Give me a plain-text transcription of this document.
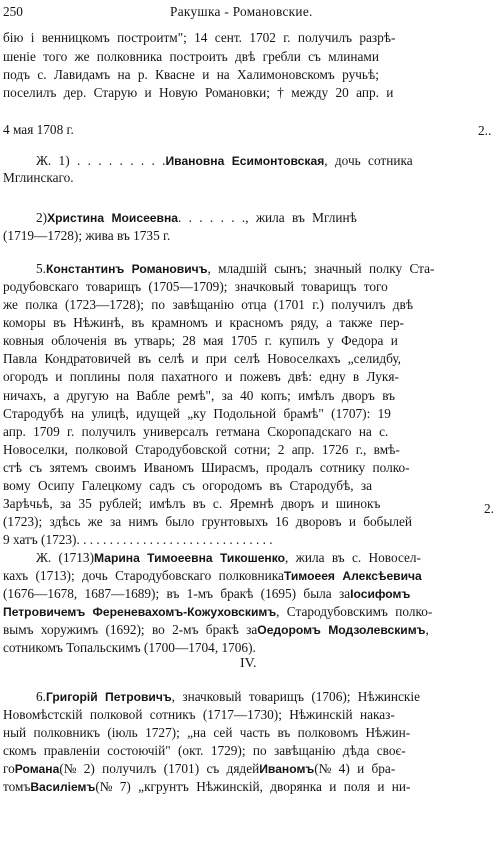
250	Ракушка - Романовские.
2..
2.
IV.
бію і венницкомъ построитм"; 14 сент. 1702 г. получилъ разрѣ-
шеніе того же полковника построить двѣ гребли съ млинами
подъ с. Лавидамъ на р. Квасне и на Халимоновскомъ ручьѣ;
поселилъ дер. Старую и Новую Романовки; † между 20 апр. и
4 мая 1708 г.
Ж. 1) . . . . . . . . .Ивановна Есимонтовская, дочь сотника
Мглинскаго.
2)Христина Моисеевна. . . . . . ., жила въ Мглинѣ
(1719—1728); жива въ 1735 г.
5.Константинъ Романовичъ, младшій сынъ; значный полку Ста-
родубовскаго товарищъ (1705—1709); значковый товарищъ того
же полка (1723—1728); по завѣщанію отца (1701 г.) получилъ двѣ
коморы въ Нѣжинѣ, въ крамномъ и красномъ ряду, а также пер-
ковныя облоченія въ утварь; 28 мая 1705 г. купилъ у Федора и
Павла Кондратовичей въ селѣ и при селѣ Новоселкахъ „селидбу,
огородъ и поплины поля пахатного и пожевъ двѣ: едну в Лукя-
ничахъ, а другую на Вабле ремѣ", за 40 копъ; имѣлъ дворъ въ
Стародубѣ на улицѣ, идущей „ку Подольной брамѣ" (1707): 19
апр. 1709 г. получилъ универсалъ гетмана Скоропадскаго на с.
Новоселки, полковой Стародубовской сотни; 2 апр. 1726 г., вмѣ-
стѣ съ зятемъ своимъ Иваномъ Ширасмъ, продалъ сотнику полко-
вому Осипу Галецкому садъ съ огородомъ въ Стародубѣ, за
Зарѣчьѣ, за 35 рублей; имѣлъ въ с. Яремнѣ дворъ и шинокъ
(1723); здѣсь же за нимъ было грунтовыхъ 16 дворовъ и бобылей
9 хатъ (1723). . . . . . . . . . . . . . . . . . . . . . . . . . . . . .
Ж. (1713)Марина Тимоеевна Тикошенко, жила въ с. Новосел-
кахъ (1713); дочь Стародубовскаго полковникаТимоеея Алексѣевича
(1676—1678, 1687—1689); въ 1-мъ бракѣ (1695) была заІосифомъ
Петровичемъ Ференевахомъ-Кожуховскимъ, Стародубовскимъ полко-
вымъ хоружимъ (1692); во 2-мъ бракѣ заОедоромъ Модзолевскимъ,
сотникомъ Топальскимъ (1700—1704, 1706).
6.Григорій Петровичъ, значковый товарищъ (1706); Нѣжинскіе
Новомѣстскій полковой сотникъ (1717—1730); Нѣжинскій наказ-
ный полковникъ (іюль 1727); „на сей часть въ полковомъ Нѣжин-
скомъ правленіи состоючій" (окт. 1729); по завѣщанію дѣда своє-
гоРомана(№ 2) получилъ (1701) съ дядейИваномъ(№ 4) и бра-
томъВасиліемъ(№ 7) „кгрунтъ Нѣжинскій, дворянка и поля и ни-
